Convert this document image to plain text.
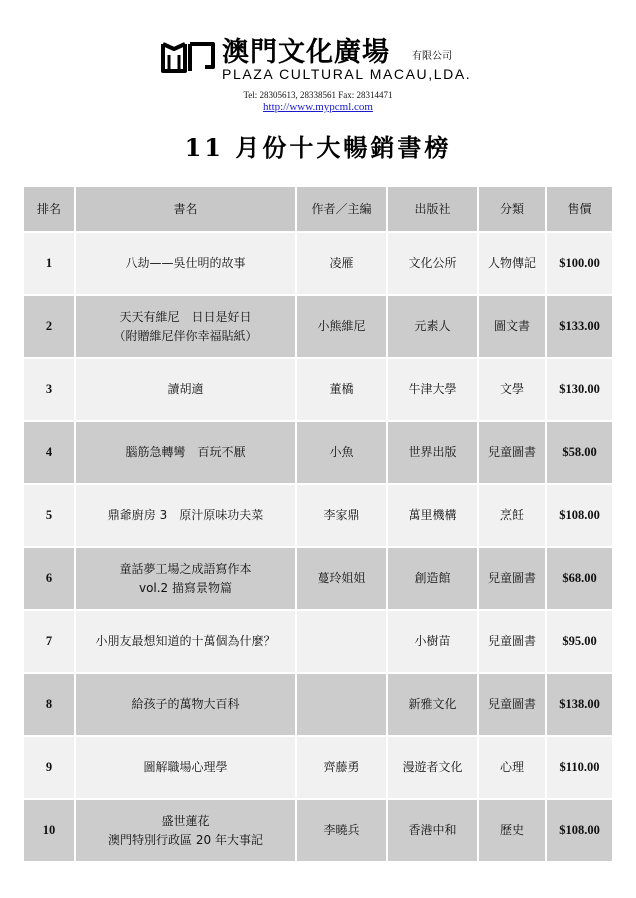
澳門文化廣場 有限公司
PLAZA CULTURAL MACAU,LDA.
Tel: 28305613, 28338561 Fax: 28314471
http://www.mypcml.com
11 月份十大暢銷書榜
排名	書名	作者／主編	出版社	分類	售價
1	八劫——吳仕明的故事	凌雁	文化公所	人物傳記	$100.00
2	天天有維尼　日日是好日
（附贈維尼伴你幸福貼紙）	小熊維尼	元素人	圖文書	$133.00
3	讀胡適	董橋	牛津大學	文學	$130.00
4	腦筋急轉彎　百玩不厭	小魚	世界出版	兒童圖書	$58.00
5	鼎爺廚房 3　原汁原味功夫菜	李家鼎	萬里機構	烹飪	$108.00
6	童話夢工場之成語寫作本
vol.2 描寫景物篇	蔓玲姐姐	創造館	兒童圖書	$68.00
7	小朋友最想知道的十萬個為什麼？		小樹苗	兒童圖書	$95.00
8	給孩子的萬物大百科		新雅文化	兒童圖書	$138.00
9	圖解職場心理學	齊藤勇	漫遊者文化	心理	$110.00
10	盛世蓮花
澳門特別行政區 20 年大事記	李曉兵	香港中和	歷史	$108.00
